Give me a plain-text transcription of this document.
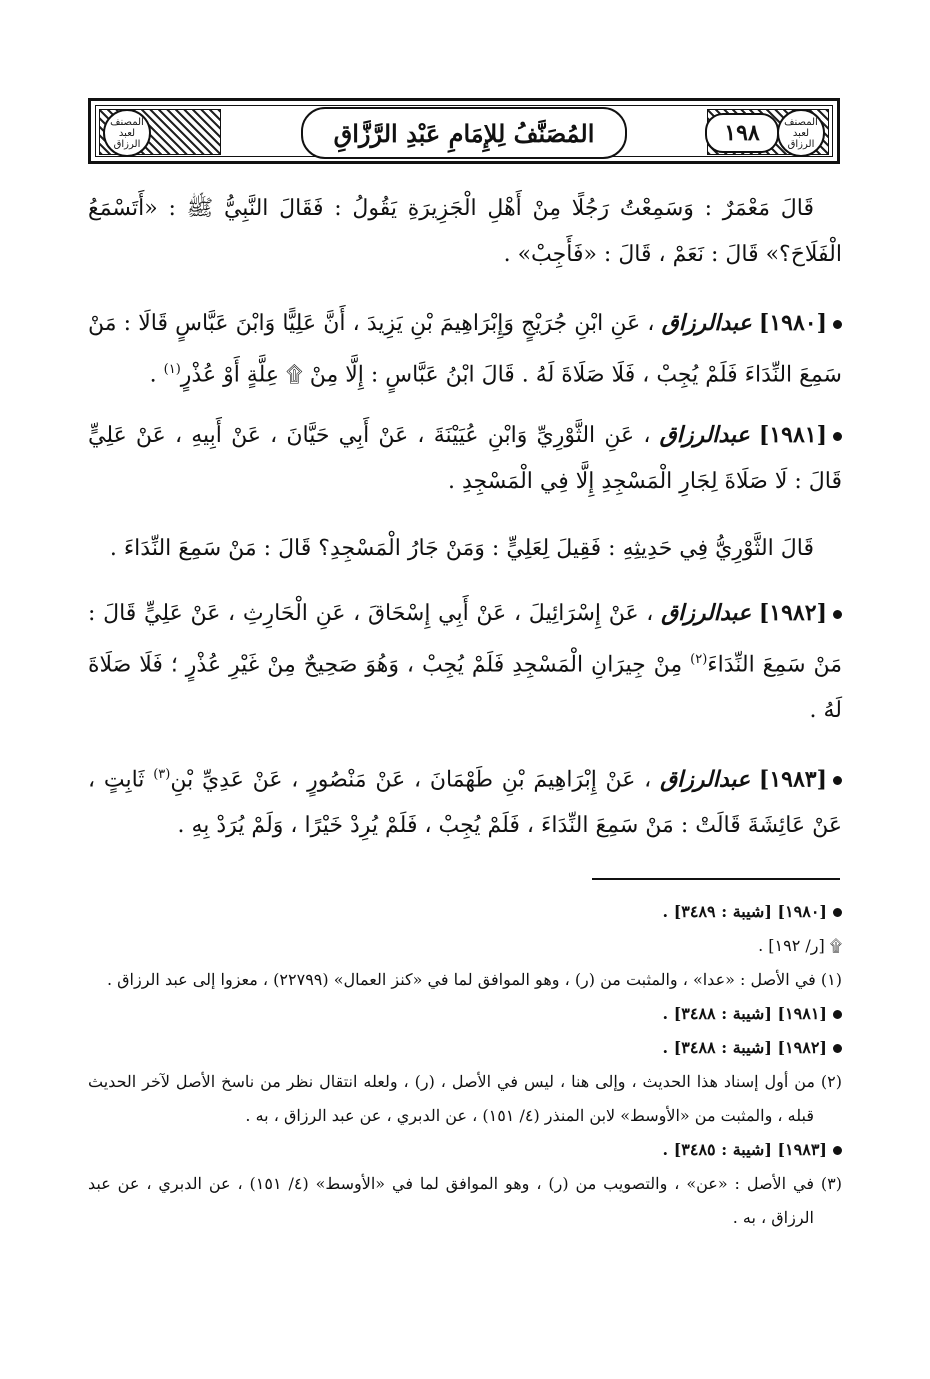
المصنف لعبد الرزاق
المصنف لعبد الرزاق
المُصَنَّفُ لِلإِمَامِ عَبْدِ الرَّزَّاقِ	١٩٨

قَالَ مَعْمَرٌ : وَسَمِعْتُ رَجُلًا مِنْ أَهْلِ الْجَزِيرَةِ يَقُولُ : فَقَالَ النَّبِيُّ ﷺ : «أَتَسْمَعُ الْفَلَاحَ؟» قَالَ : نَعَمْ ، قَالَ : «فَأَجِبْ» .

[١٩٨٠] عبدالرزاق ، عَنِ ابْنِ جُرَيْجٍ وَإِبْرَاهِيمَ بْنِ يَزِيدَ ، أَنَّ عَلِيًّا وَابْنَ عَبَّاسٍ قَالَا : مَنْ سَمِعَ النِّدَاءَ فَلَمْ يُجِبْ ، فَلَا صَلَاةَ لَهُ . قَالَ ابْنُ عَبَّاسٍ : إِلَّا مِنْ ۩ عِلَّةٍ أَوْ عُذْرٍ$^{(١)}$ .

[١٩٨١] عبدالرزاق ، عَنِ الثَّوْرِيِّ وَابْنِ عُيَيْنَةَ ، عَنْ أَبِي حَيَّانَ ، عَنْ أَبِيهِ ، عَنْ عَلِيٍّ قَالَ : لَا صَلَاةَ لِجَارِ الْمَسْجِدِ إِلَّا فِي الْمَسْجِدِ .

قَالَ الثَّوْرِيُّ فِي حَدِيثِهِ : فَقِيلَ لِعَلِيٍّ : وَمَنْ جَارُ الْمَسْجِدِ؟ قَالَ : مَنْ سَمِعَ النِّدَاءَ .

[١٩٨٢] عبدالرزاق ، عَنْ إِسْرَائِيلَ ، عَنْ أَبِي إِسْحَاقَ ، عَنِ الْحَارِثِ ، عَنْ عَلِيٍّ قَالَ : مَنْ سَمِعَ النِّدَاءَ$^{(٢)}$ مِنْ جِيرَانِ الْمَسْجِدِ فَلَمْ يُجِبْ ، وَهُوَ صَحِيحٌ مِنْ غَيْرِ عُذْرٍ ؛ فَلَا صَلَاةَ لَهُ .

[١٩٨٣] عبدالرزاق ، عَنْ إِبْرَاهِيمَ بْنِ طَهْمَانَ ، عَنْ مَنْصُورٍ ، عَنْ عَدِيِّ بْنِ$^{(٣)}$ ثَابِتٍ ، عَنْ عَائِشَةَ قَالَتْ : مَنْ سَمِعَ النِّدَاءَ ، فَلَمْ يُجِبْ ، فَلَمْ يُرِدْ خَيْرًا ، وَلَمْ يُرَدْ بِهِ .

[١٩٨٠] [شيبة : ٣٤٨٩] .

۩ [ر/ ١٩٢] .

(١) في الأصل : «عدا» ، والمثبت من (ر) ، وهو الموافق لما في «كنز العمال» (٢٢٧٩٩) ، معزوا إلى عبد الرزاق .

[١٩٨١] [شيبة : ٣٤٨٨] .

[١٩٨٢] [شيبة : ٣٤٨٨] .

(٢) من أول إسناد هذا الحديث ، وإلى هنا ، ليس في الأصل ، (ر) ، ولعله انتقال نظر من ناسخ الأصل لآخر الحديث قبله ، والمثبت من «الأوسط» لابن المنذر (٤/ ١٥١) ، عن الدبري ، عن عبد الرزاق ، به .

[١٩٨٣] [شيبة : ٣٤٨٥] .

(٣) في الأصل : «عن» ، والتصويب من (ر) ، وهو الموافق لما في «الأوسط» (٤/ ١٥١) ، عن الدبري ، عن عبد الرزاق ، به .
